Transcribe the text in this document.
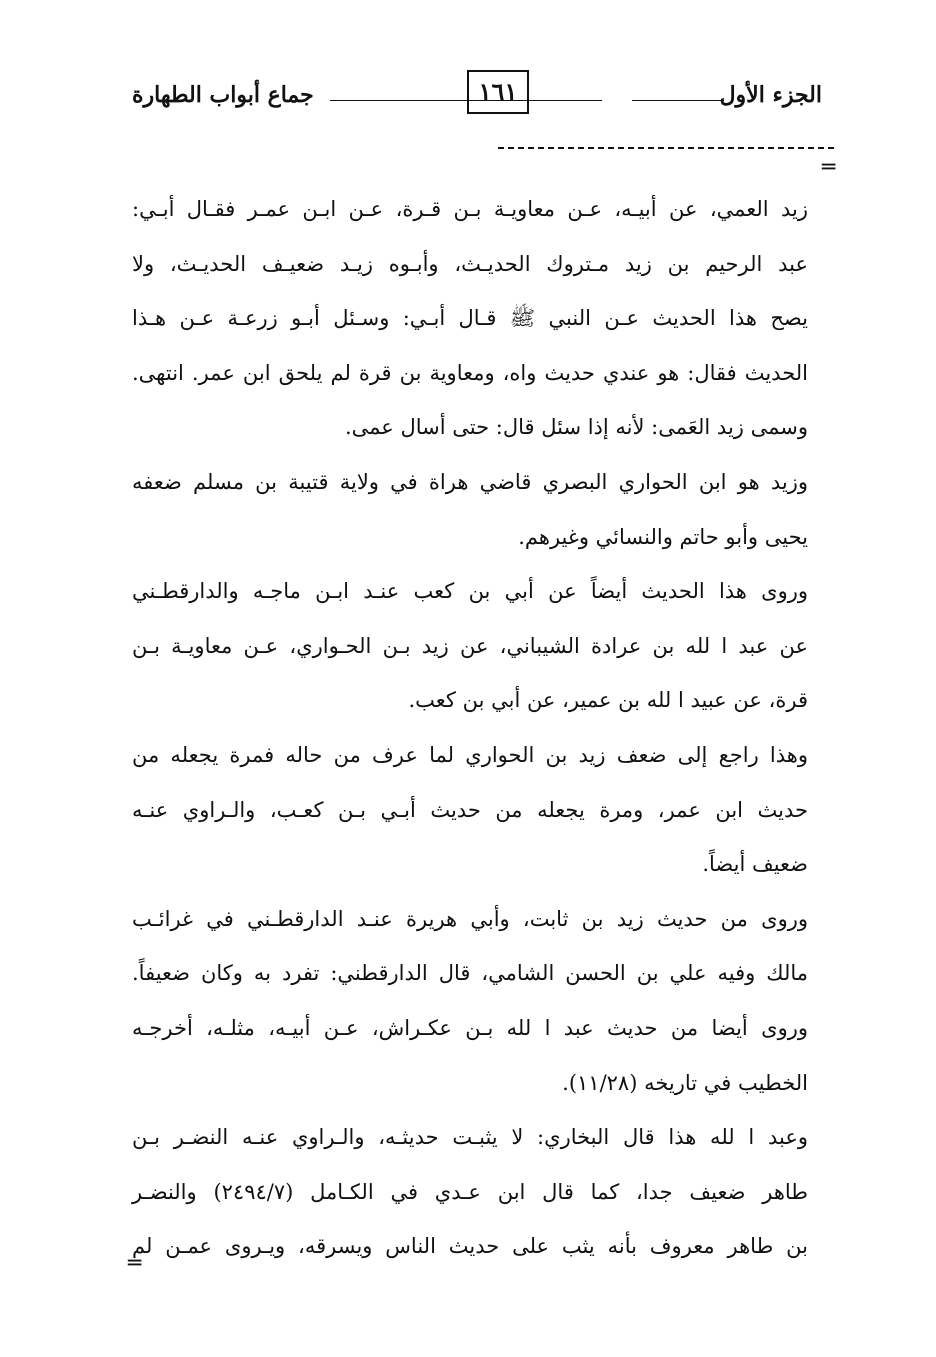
الجزء الأول
١٦١
جماع أبواب الطهارة
═
زيد العمي، عن أبيـه، عـن معاويـة بـن قـرة، عـن ابـن عمـر فقـال أبـي:
عبد الرحيم بن زيد مـتروك الحديـث، وأبـوه زيـد ضعيـف الحديـث، ولا
يصح هذا الحديث عـن النبي ﷺ قـال أبـي: وسـئل أبـو زرعـة عـن هـذا
الحديث فقال: هو عندي حديث واه، ومعاوية بن قرة لم يلحق ابن عمر. انتهى.
وسمى زيد العَمى: لأنه إذا سئل قال: حتى أسال عمى.
وزيد هو ابن الحواري البصري قاضي هراة في ولاية قتيبة بن مسلم ضعفه
يحيى وأبو حاتم والنسائي وغيرهم.
وروى هذا الحديث أيضاً عن أبي بن كعب عنـد ابـن ماجـه والدارقطـني
عن عبد ا لله بن عرادة الشيباني، عن زيد بـن الحـواري، عـن معاويـة بـن
قرة، عن عبيد ا لله بن عمير، عن أبي بن كعب.
وهذا راجع إلى ضعف زيد بن الحواري لما عرف من حاله فمرة يجعله من
حديث ابن عمر، ومرة يجعله من حديث أبـي بـن كعـب، والـراوي عنـه
ضعيف أيضاً.
وروى من حديث زيد بن ثابت، وأبي هريرة عنـد الدارقطـني في غرائـب
مالك وفيه علي بن الحسن الشامي، قال الدارقطني: تفرد به وكان ضعيفاً.
وروى أيضا من حديث عبد ا لله بـن عكـراش، عـن أبيـه، مثلـه، أخرجـه
الخطيب في تاريخه (١١/٢٨).
وعبد ا لله هذا قال البخاري: لا يثبـت حديثـه، والـراوي عنـه النضـر بـن
طاهر ضعيف جدا، كما قال ابن عـدي في الكـامل (٢٤٩٤/٧) والنضـر
بن طاهر معروف بأنه يثب على حديث الناس ويسرقه، ويـروى عمـن لم
═
